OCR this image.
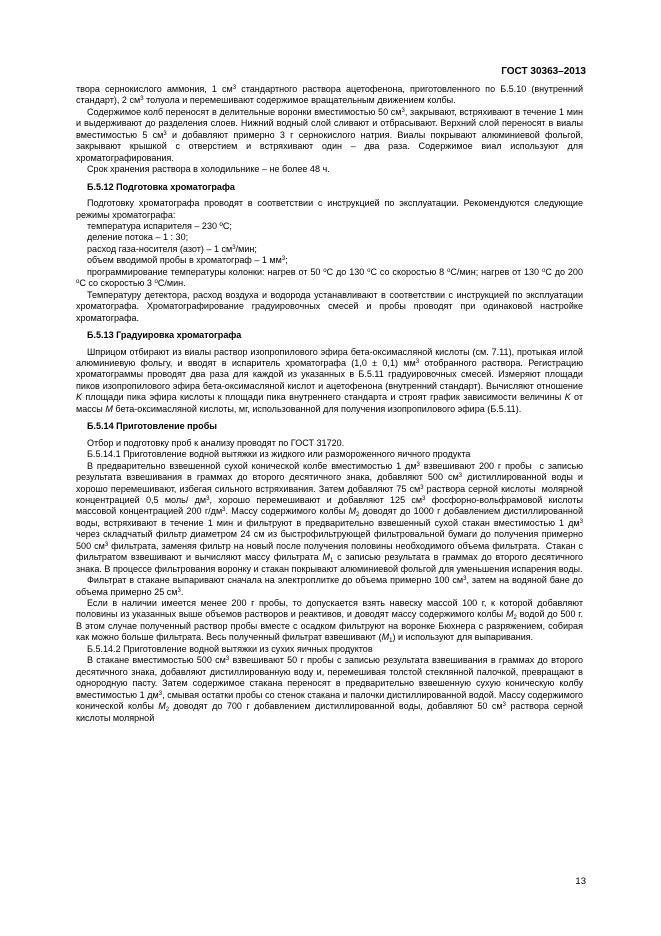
ГОСТ 30363–2013

твора сернокислого аммония, 1 $см^3$ стандартного раствора ацетофенона, приготовленного по Б.5.10 (внутренний стандарт), 2 $см^3$ толуола и перемешивают содержимое вращательным движением колбы.

Содержимое колб переносят в делительные воронки вместимостью 50 $см^3$, закрывают, встряхивают в течение 1 мин и выдерживают до разделения слоев. Нижний водный слой сливают и отбрасывают. Верхний слой переносят в виалы вместимостью 5 $см^3$ и добавляют примерно 3 г сернокислого натрия. Виалы покрывают алюминиевой фольгой, закрывают крышкой с отверстием и встряхивают один – два раза. Содержимое виал используют для хроматографирования.

Срок хранения раствора в холодильнике – не более 48 ч.

Б.5.12 Подготовка хроматографа

Подготовку хроматографа проводят в соответствии с инструкцией по эксплуатации. Рекомендуются следующие режимы хроматографа:

температура испарителя – 230 ºС;

деление потока – 1 : 30;

расход газа-носителя (азот) – 1 $см^3$/мин;

объем вводимой пробы в хроматограф – 1 $мм^3$;

программирование температуры колонки: нагрев от 50 $^о$С до 130 $^о$С со скоростью 8 $^о$С/мин; нагрев от 130 $^о$С до 200 $^о$С со скоростью 3 $^о$С/мин.

Температуру детектора, расход воздуха и водорода устанавливают в соответствии с инструкцией по эксплуатации хроматографа. Хроматографирование градуировочных смесей и пробы проводят при одинаковой настройке хроматографа.

Б.5.13 Градуировка хроматографа

Шприцом отбирают из виалы раствор изопропилового эфира бета-оксимасляной кислоты (см. 7.11), протыкая иглой алюминиевую фольгу, и вводят в испаритель хроматографа (1,0 ± 0,1) $мм^3$ отобранного раствора. Регистрацию хроматограммы проводят два раза для каждой из указанных в Б.5.11 градуировочных смесей. Измеряют площади пиков изопропилового эфира бета-оксимасляной кислот и ацетофенона (внутренний стандарт). Вычисляют отношение K площади пика эфира кислоты к площади пика внутреннего стандарта и строят график зависимости величины K от массы M бета-оксимасляной кислоты, мг, использованной для получения изопропилового эфира (Б.5.11).

Б.5.14 Приготовление пробы

Отбор и подготовку проб к анализу проводят по ГОСТ 31720.

Б.5.14.1 Приготовление водной вытяжки из жидкого или размороженного яичного продукта

В предварительно взвешенной сухой конической колбе вместимостью 1 $дм^3$ взвешивают 200 г пробы  с записью результата взвешивания в граммах до второго десятичного знака, добавляют 500 $см^3$ дистиллированной воды и хорошо перемешивают, избегая сильного встряхивания. Затем добавляют 75 $см^3$ раствора серной кислоты  молярной концентрацией 0,5 моль/ $дм^3$, хорошо перемешивают и добавляют 125 $см^3$ фосфорно-вольфрамовой кислоты массовой концентрацией 200 $г/дм^3$. Массу содержимого колбы $M_2$ доводят до 1000 г добавлением дистиллированной воды, встряхивают в течение 1 мин и фильтруют в предварительно взвешенный сухой стакан вместимостью 1 $дм^3$ через складчатый фильтр диаметром 24 см из быстрофильтрующей фильтровальной бумаги до получения примерно 500 $см^3$ фильтрата, заменяя фильтр на новый после получения половины необходимого объема фильтрата.  Стакан с фильтратом взвешивают и вычисляют массу фильтрата $M_1$ с записью результата в граммах до второго десятичного знака. В процессе фильтрования воронку и стакан покрывают алюминиевой фольгой для уменьшения испарения воды.

Фильтрат в стакане выпаривают сначала на электроплитке до объема примерно 100 $см^3$, затем на водяной бане до объема примерно 25 $см^3$.

Если в наличии имеется менее 200 г пробы, то допускается взять навеску массой 100 г, к которой добавляют половины из указанных выше объемов растворов и реактивов, и доводят массу содержимого колбы $M_2$ водой до 500 г. В этом случае полученный раствор пробы вместе с осадком фильтруют на воронке Бюхнера с разряжением, собирая как можно больше фильтрата. Весь полученный фильтрат взвешивают $(M_1)$ и используют для выпаривания.

Б.5.14.2 Приготовление водной вытяжки из сухих яичных продуктов

В стакане вместимостью 500 $см^3$ взвешивают 50 г пробы с записью результата взвешивания в граммах до второго десятичного знака, добавляют дистиллированную воду и, перемешивая толстой стеклянной палочкой, превращают в однородную пасту. Затем содержимое стакана переносят в предварительно взвешенную сухую коническую колбу вместимостью 1 $дм^3$, смывая остатки пробы со стенок стакана и палочки дистиллированной водой. Массу содержимого конической колбы $M_2$ доводят до 700 г добавлением дистиллированной воды, добавляют 50 $см^3$ раствора серной кислоты молярной

13
